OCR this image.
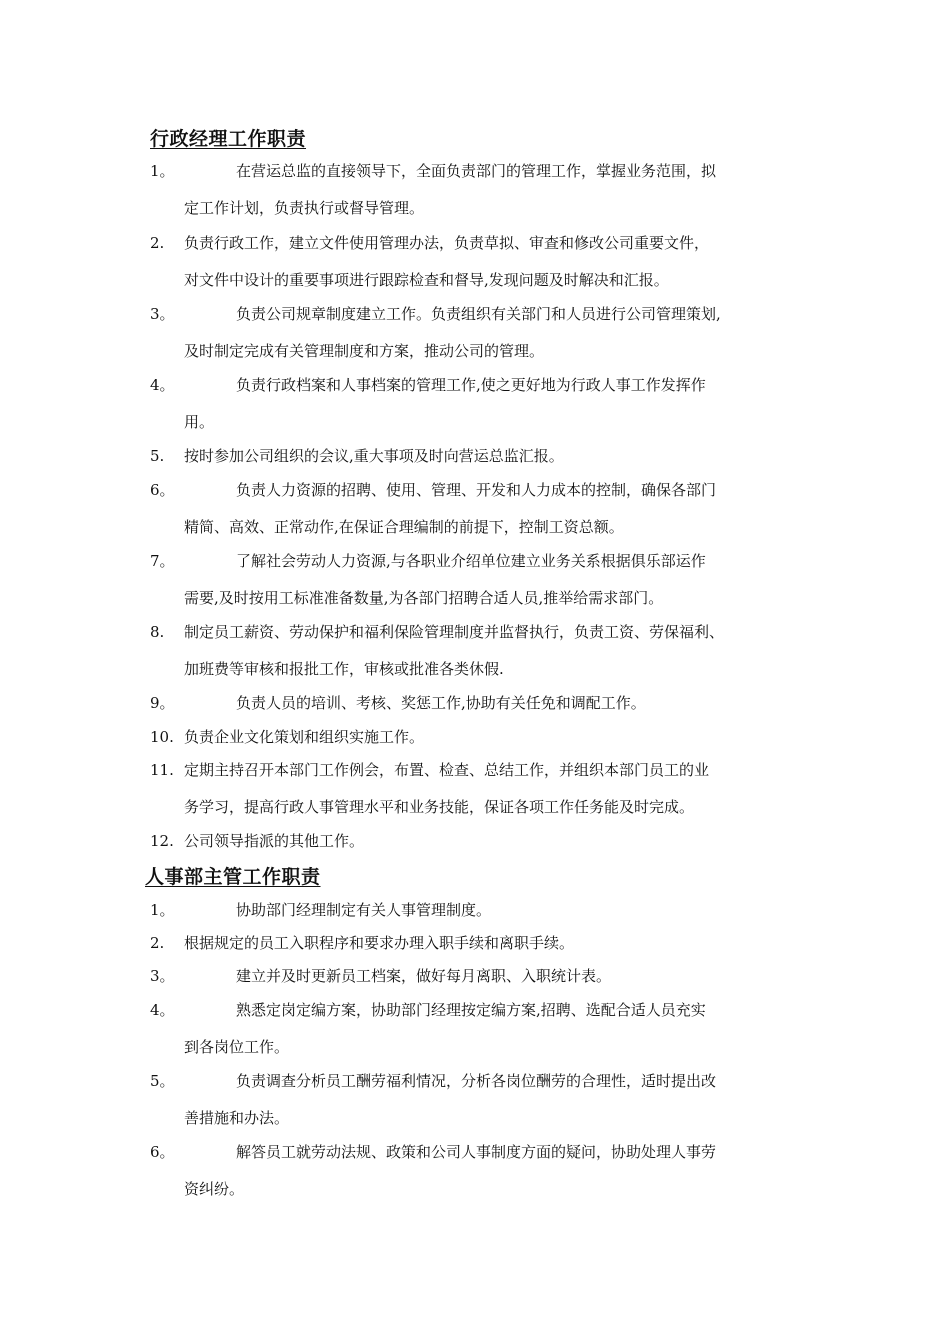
行政经理工作职责
1。	在营运总监的直接领导下，全面负责部门的管理工作，掌握业务范围，拟
定工作计划，负责执行或督导管理。
2. 负责行政工作，建立文件使用管理办法，负责草拟、审查和修改公司重要文件，
对文件中设计的重要事项进行跟踪检查和督导,发现问题及时解决和汇报。
3。	负责公司规章制度建立工作。负责组织有关部门和人员进行公司管理策划,
及时制定完成有关管理制度和方案，推动公司的管理。
4。	负责行政档案和人事档案的管理工作,使之更好地为行政人事工作发挥作
用。
5. 按时参加公司组织的会议,重大事项及时向营运总监汇报。
6。	负责人力资源的招聘、使用、管理、开发和人力成本的控制，确保各部门
精简、高效、正常动作,在保证合理编制的前提下，控制工资总额。
7。	了解社会劳动人力资源,与各职业介绍单位建立业务关系根据俱乐部运作
需要,及时按用工标准准备数量,为各部门招聘合适人员,推举给需求部门。
8. 制定员工薪资、劳动保护和福利保险管理制度并监督执行，负责工资、劳保福利、
加班费等审核和报批工作，审核或批准各类休假.
9。	负责人员的培训、考核、奖惩工作,协助有关任免和调配工作。
10. 负责企业文化策划和组织实施工作。
11. 定期主持召开本部门工作例会，布置、检查、总结工作，并组织本部门员工的业
务学习，提高行政人事管理水平和业务技能，保证各项工作任务能及时完成。
12. 公司领导指派的其他工作。
人事部主管工作职责
1。	协助部门经理制定有关人事管理制度。
2. 根据规定的员工入职程序和要求办理入职手续和离职手续。
3。	建立并及时更新员工档案，做好每月离职、入职统计表。
4。	熟悉定岗定编方案，协助部门经理按定编方案,招聘、选配合适人员充实
到各岗位工作。
5。	负责调查分析员工酬劳福利情况，分析各岗位酬劳的合理性，适时提出改
善措施和办法。
6。	解答员工就劳动法规、政策和公司人事制度方面的疑问，协助处理人事劳
资纠纷。
